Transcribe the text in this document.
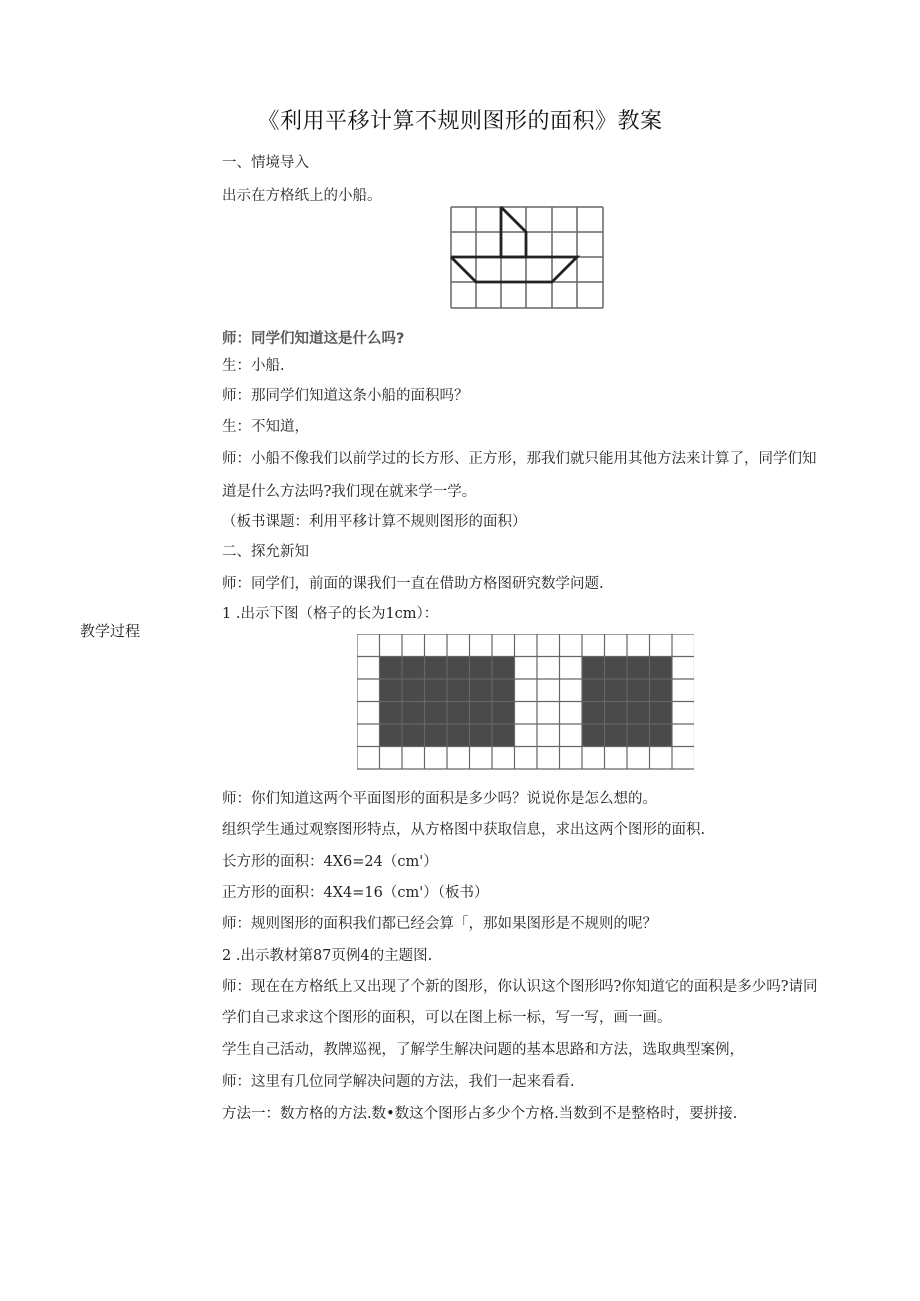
《利用平移计算不规则图形的面积》教案
一、情境导入
出示在方格纸上的小船。
师：同学们知道这是什么吗?
生：小船.
师：那同学们知道这条小船的面积吗？
生：不知道，
师：小船不像我们以前学过的长方形、正方形，那我们就只能用其他方法来计算了，同学们知
道是什么方法吗?我们现在就来学一学。
（板书课题：利用平移计算不规则图形的面积）
二、探允新知
师：同学们，前面的课我们一直在借助方格图研究数学问题.
1 .出示下图（格子的长为1cm）：
教学过程
师：你们知道这两个平面图形的面积是多少吗？说说你是怎么想的。
组织学生通过观察图形特点，从方格图中获取信息，求出这两个图形的面积.
长方形的面积：4X6=24（cm'）
正方形的面积：4X4=16（cm'）（板书）
师：规则图形的面积我们都已经会算「，那如果图形是不规则的呢？
2 .出示教材第87页例4的主题图.
师：现在在方格纸上又出现了个新的图形，你认识这个图形吗?你知道它的面积是多少吗?请同
学们自己求求这个图形的面积，可以在图上标一标，写一写，画一画。
学生自己活动，教牌巡视，了解学生解决问题的基本思路和方法，选取典型案例，
师：这里有几位同学解决问题的方法，我们一起来看看.
方法一：数方格的方法.数•数这个图形占多少个方格.当数到不是整格时，要拼接.
